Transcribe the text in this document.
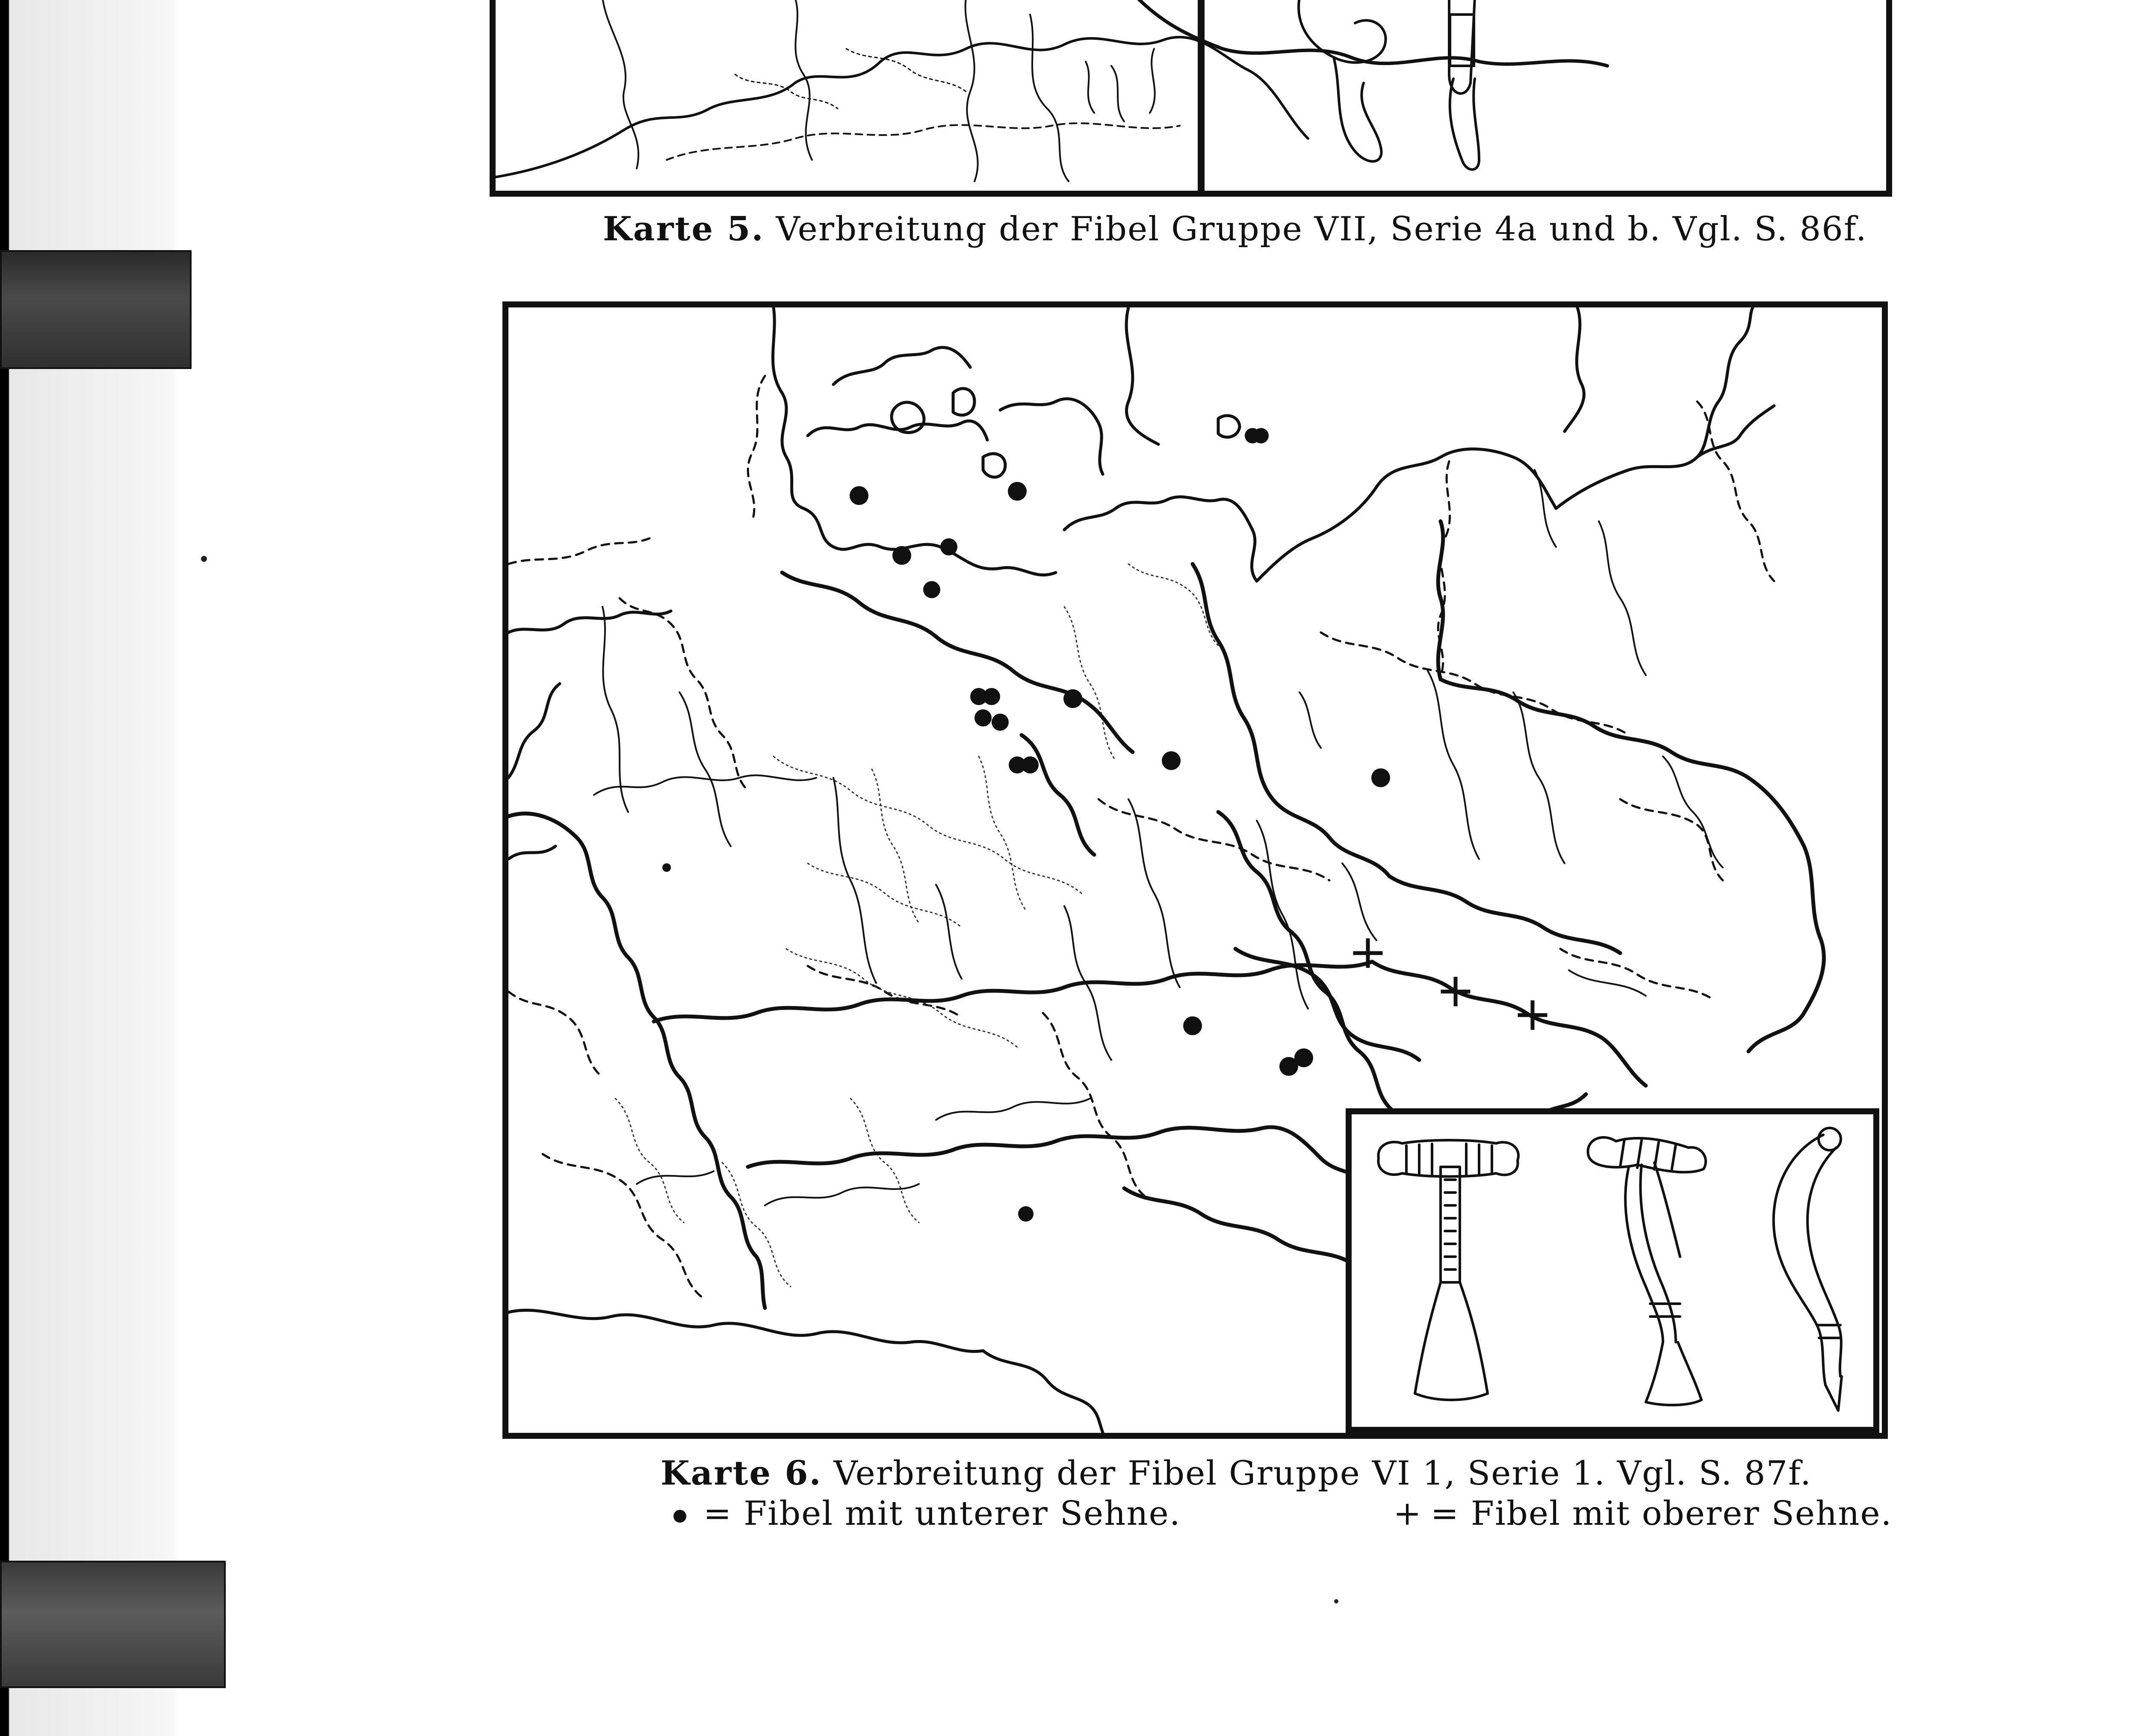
Karte 5. Verbreitung der Fibel Gruppe VII, Serie 4a und b. Vgl. S. 86f.
Karte 6. Verbreitung der Fibel Gruppe VI 1, Serie 1. Vgl. S. 87f.
= Fibel mit unterer Sehne.	+ = Fibel mit oberer Sehne.
